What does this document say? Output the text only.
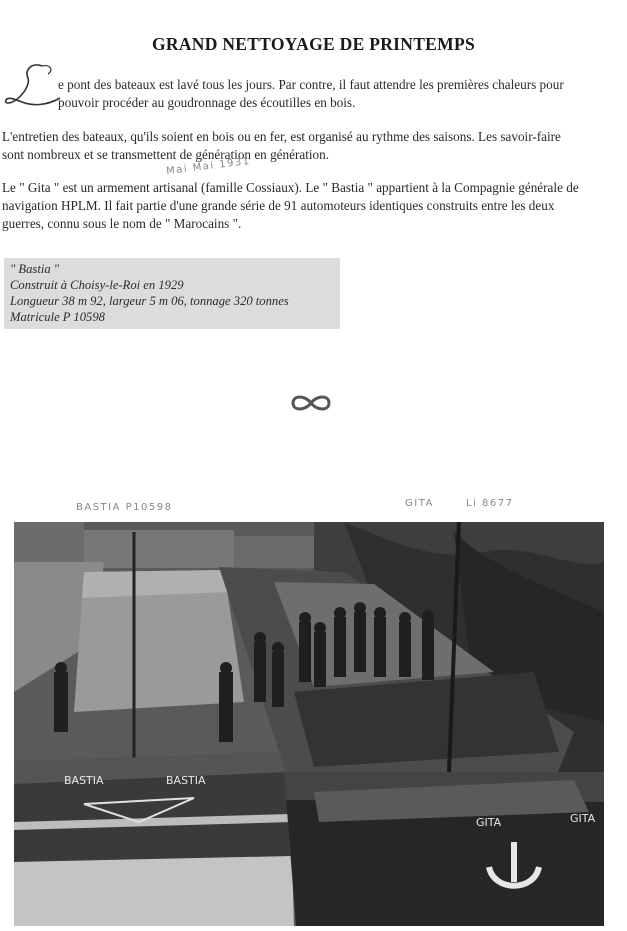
GRAND NETTOYAGE DE PRINTEMPS
e pont des bateaux est lavé tous les jours. Par contre, il faut attendre les premières chaleurs pour
pouvoir procéder au goudronnage des écoutilles en bois.
L'entretien des bateaux, qu'ils soient en bois ou en fer, est organisé au rythme des saisons. Les savoir-faire
sont nombreux et se transmettent de génération en génération.
Mai Mai 1931
Le " Gita " est un armement artisanal (famille Cossiaux). Le " Bastia " appartient à la Compagnie générale de
navigation HPLM. Il fait partie d'une grande série de 91 automoteurs identiques construits entre les deux
guerres, connu sous le nom de " Marocains ".
" Bastia "
Construit à Choisy-le-Roi en 1929
Longueur 38 m 92, largeur 5 m 06, tonnage 320 tonnes
Matricule P 10598
BASTIA P10598	GITA	Li 8677
BASTIA	BASTIA
GITA	GITA
